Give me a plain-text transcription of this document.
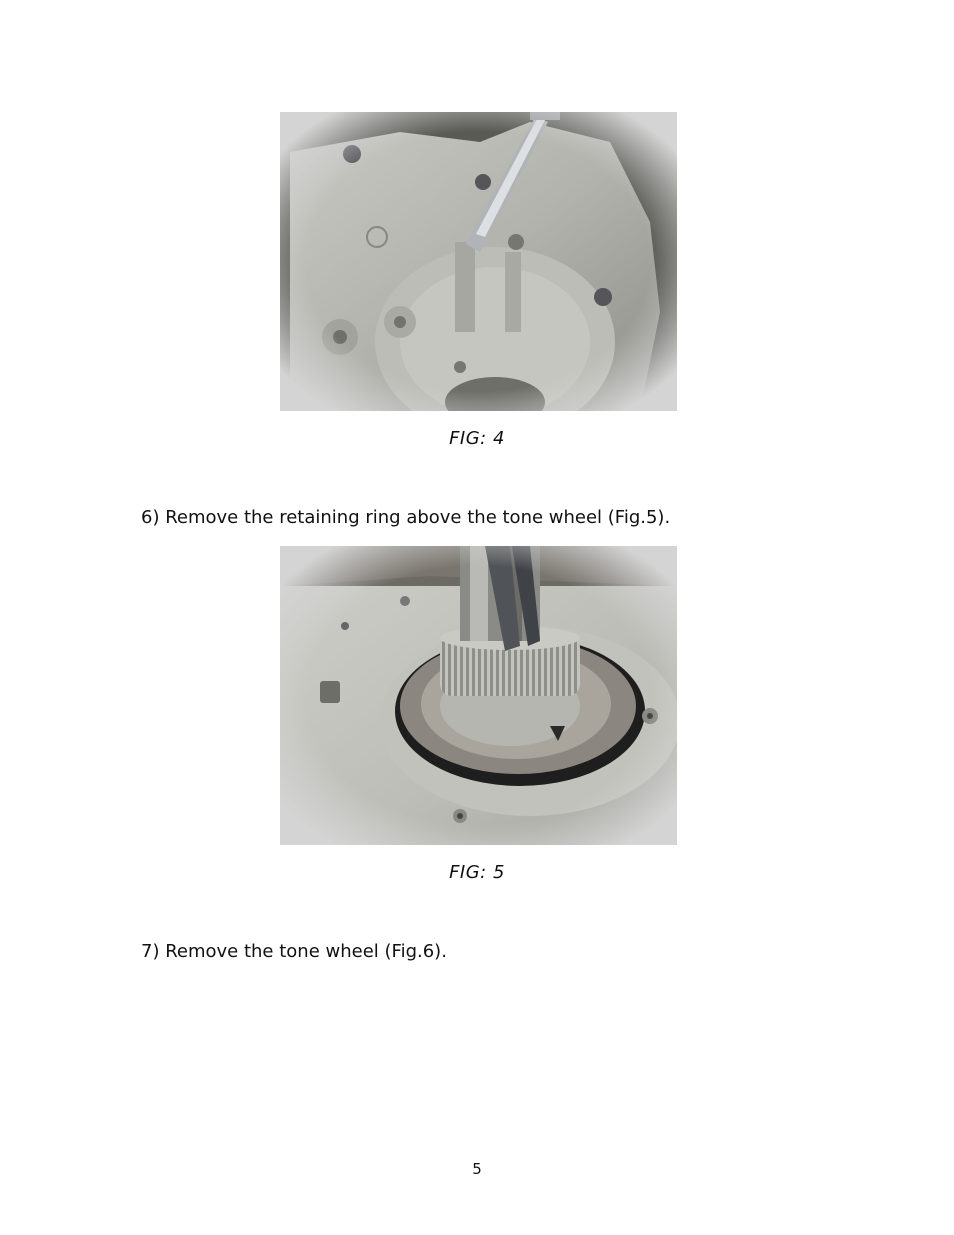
FIG: 4
6) Remove the retaining ring above the tone wheel (Fig.5).
FIG: 5
7) Remove the tone wheel (Fig.6).
5
